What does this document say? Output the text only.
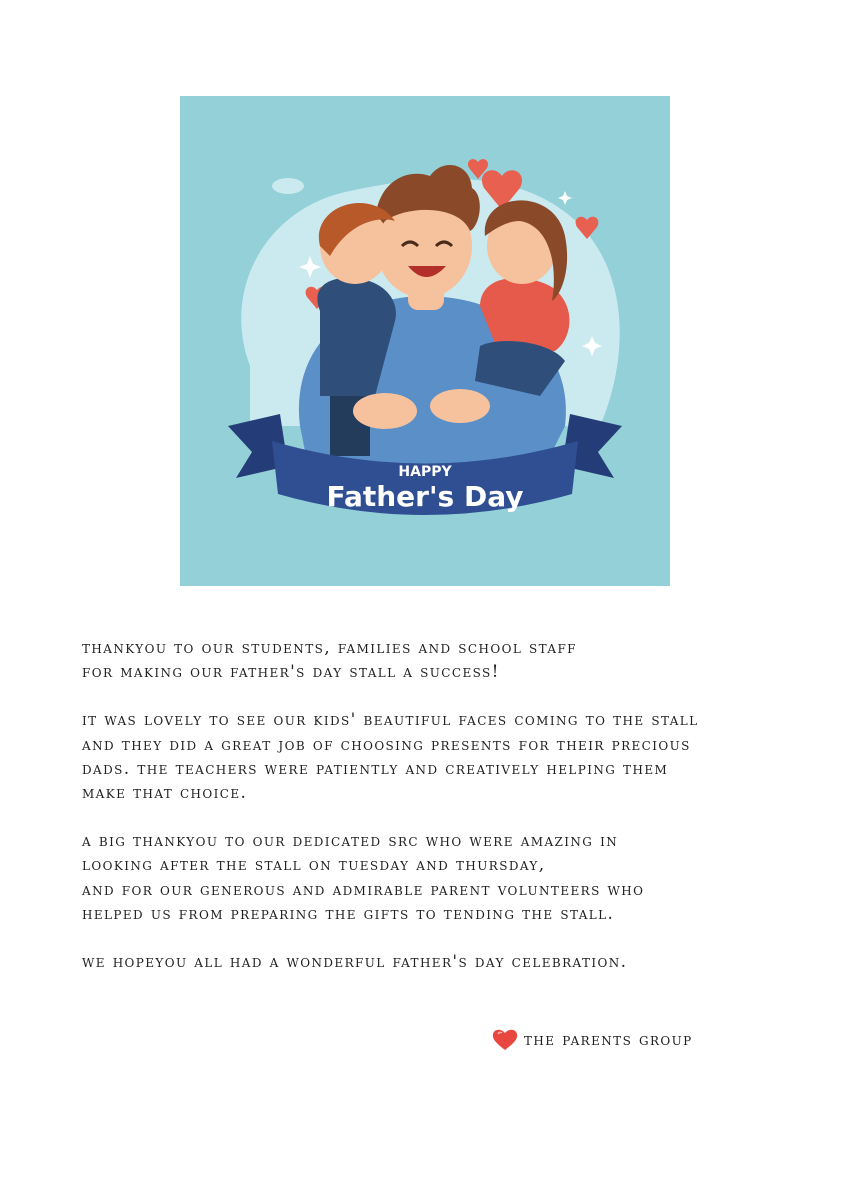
HAPPY
Father's Day

thankyou to our students, families and school staff
for making our father's day stall a success!

it was lovely to see our kids' beautiful faces coming to the stall
and they did a great job of choosing presents for their precious
dads. the teachers were patiently and creatively helping them
make that choice.

a big thankyou to our dedicated src who were amazing in
looking after the stall on tuesday and thursday,
and for our generous and admirable parent volunteers who
helped us from preparing the gifts to tending the stall.

we hopeyou all had a wonderful father's day celebration.

the parents group
